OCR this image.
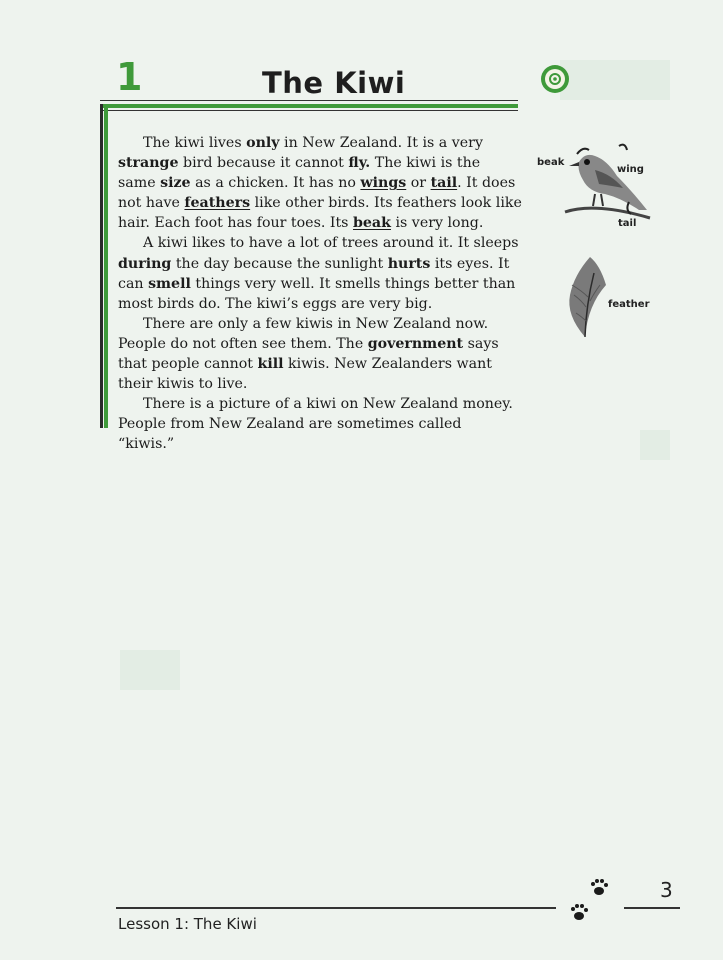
1	The Kiwi

The kiwi lives only in New Zealand. It is a very strange bird because it cannot fly. The kiwi is the same size as a chicken. It has no wings or tail. It does not have feathers like other birds. Its feathers look like hair. Each foot has four toes. Its beak is very long.

A kiwi likes to have a lot of trees around it. It sleeps during the day because the sunlight hurts its eyes. It can smell things very well. It smells things better than most birds do. The kiwi’s eggs are very big.

There are only a few kiwis in New Zealand now. People do not often see them. The government says that people cannot kill kiwis. New Zealanders want their kiwis to live.

There is a picture of a kiwi on New Zealand money. People from New Zealand are sometimes called “kiwis.”

beak
wing
tail
feather
3
Lesson 1: The Kiwi
